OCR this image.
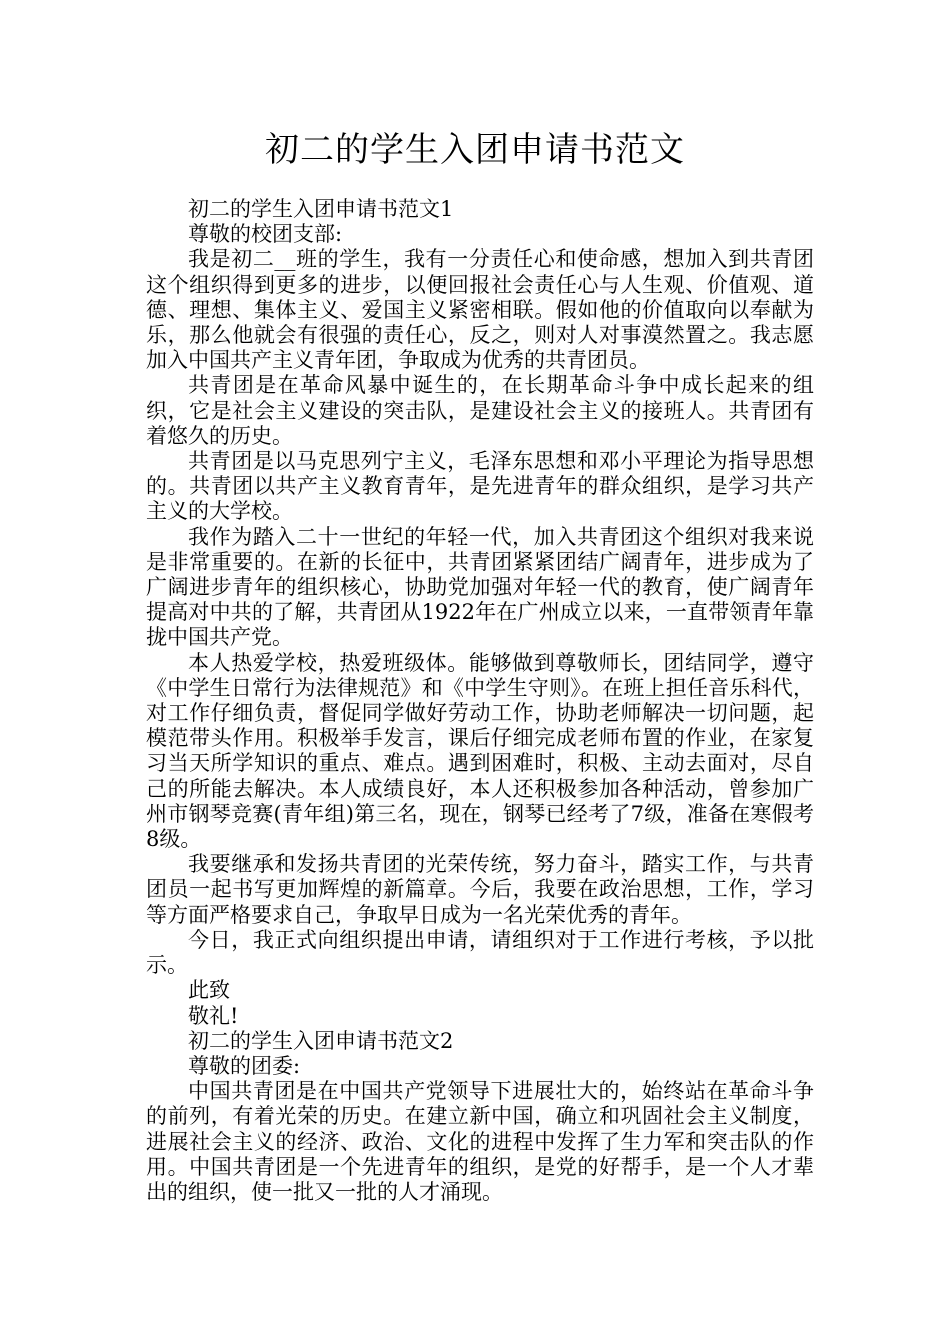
初二的学生入团申请书范文

初二的学生入团申请书范文1

尊敬的校团支部:

我是初二__班的学生，我有一分责任心和使命感，想加入到共青团这个组织得到更多的进步，以便回报社会责任心与人生观、价值观、道德、理想、集体主义、爱国主义紧密相联。假如他的价值取向以奉献为乐，那么他就会有很强的责任心，反之，则对人对事漠然置之。我志愿加入中国共产主义青年团，争取成为优秀的共青团员。

共青团是在革命风暴中诞生的，在长期革命斗争中成长起来的组织，它是社会主义建设的突击队，是建设社会主义的接班人。共青团有着悠久的历史。

共青团是以马克思列宁主义，毛泽东思想和邓小平理论为指导思想的。共青团以共产主义教育青年，是先进青年的群众组织，是学习共产主义的大学校。

我作为踏入二十一世纪的年轻一代，加入共青团这个组织对我来说是非常重要的。在新的长征中，共青团紧紧团结广阔青年，进步成为了广阔进步青年的组织核心，协助党加强对年轻一代的教育，使广阔青年提高对中共的了解，共青团从1922年在广州成立以来，一直带领青年靠拢中国共产党。

本人热爱学校，热爱班级体。能够做到尊敬师长，团结同学，遵守《中学生日常行为法律规范》和《中学生守则》。在班上担任音乐科代，对工作仔细负责，督促同学做好劳动工作，协助老师解决一切问题，起模范带头作用。积极举手发言，课后仔细完成老师布置的作业，在家复习当天所学知识的重点、难点。遇到困难时，积极、主动去面对，尽自己的所能去解决。本人成绩良好，本人还积极参加各种活动，曾参加广州市钢琴竞赛(青年组)第三名，现在，钢琴已经考了7级，准备在寒假考8级。

我要继承和发扬共青团的光荣传统，努力奋斗，踏实工作，与共青团员一起书写更加辉煌的新篇章。今后，我要在政治思想，工作，学习等方面严格要求自己，争取早日成为一名光荣优秀的青年。

今日，我正式向组织提出申请，请组织对于工作进行考核，予以批示。

此致

敬礼!

初二的学生入团申请书范文2

尊敬的团委:

中国共青团是在中国共产党领导下进展壮大的，始终站在革命斗争的前列，有着光荣的历史。在建立新中国，确立和巩固社会主义制度，进展社会主义的经济、政治、文化的进程中发挥了生力军和突击队的作用。中国共青团是一个先进青年的组织，是党的好帮手，是一个人才辈出的组织，使一批又一批的人才涌现。
